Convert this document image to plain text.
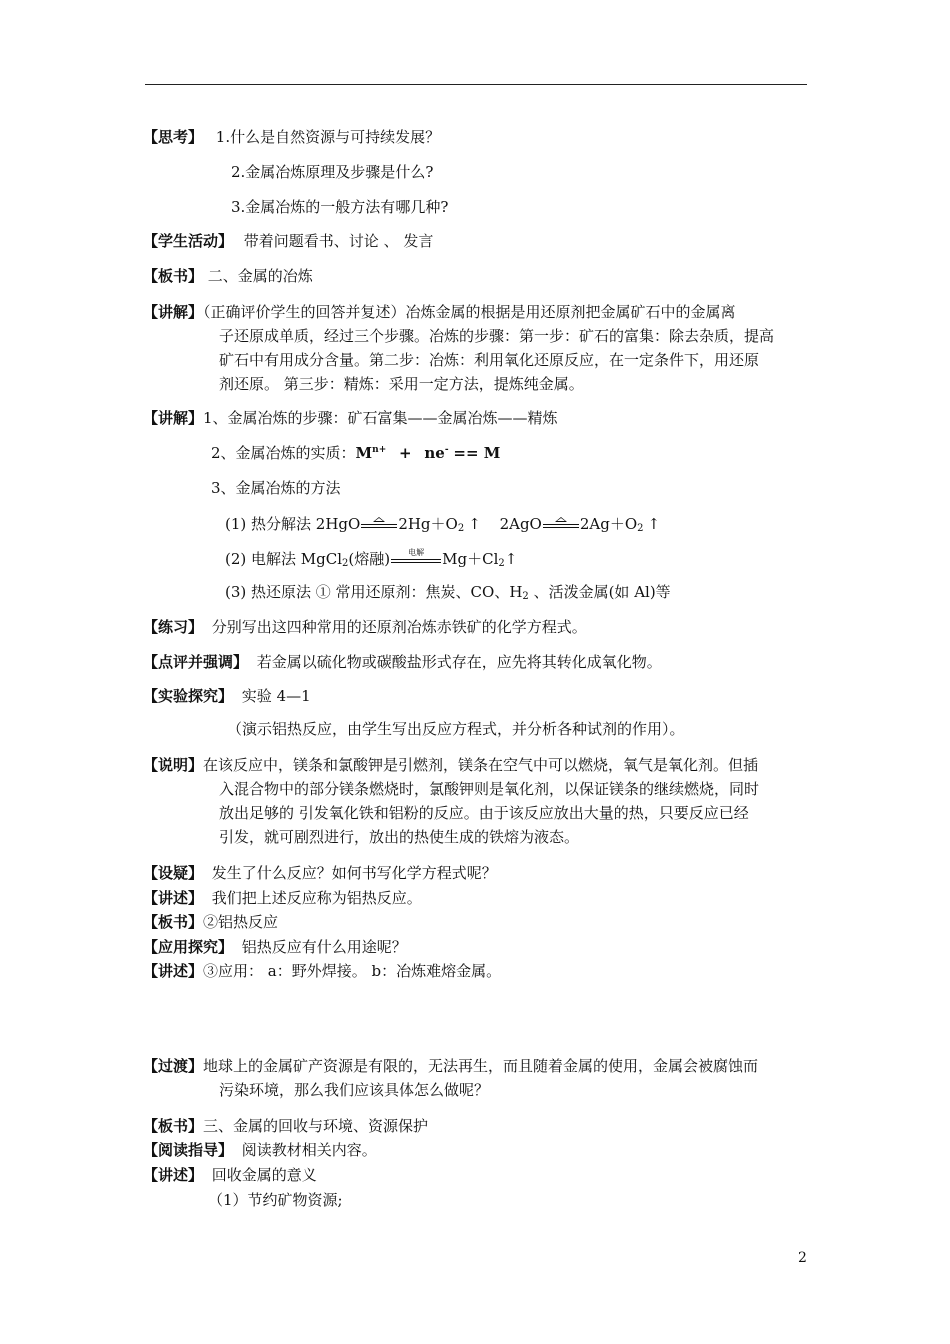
【思考】 1.什么是自然资源与可持续发展？
2.金属冶炼原理及步骤是什么?
3.金属冶炼的一般方法有哪几种?
【学生活动】 带着问题看书、讨论 、 发言
【板书】 二、金属的冶炼
【讲解】（正确评价学生的回答并复述）冶炼金属的根据是用还原剂把金属矿石中的金属离
子还原成单质，经过三个步骤。冶炼的步骤：第一步：矿石的富集：除去杂质，提高
矿石中有用成分含量。第二步：冶炼：利用氧化还原反应，在一定条件下，用还原
剂还原。 第三步：精炼：采用一定方法，提炼纯金属。
【讲解】1、金属冶炼的步骤：矿石富集——金属冶炼——精炼
2、金属冶炼的实质：$M^{n+} + ne^- == M$
3、金属冶炼的方法
(1) 热分解法 2HgO	$2Hg+O_2$ ↑ 2AgO	$2Ag+O_2$ ↑
(2) 电解法 MgCl$_2$(熔融)	电解	$Mg+Cl_2↑$
(3) 热还原法 ① 常用还原剂：焦炭、CO、$H_2$ 、活泼金属(如 Al)等
【练习】 分别写出这四种常用的还原剂冶炼赤铁矿的化学方程式。
【点评并强调】 若金属以硫化物或碳酸盐形式存在，应先将其转化成氧化物。
【实验探究】 实验 4—1
（演示铝热反应，由学生写出反应方程式，并分析各种试剂的作用）。
【说明】在该反应中，镁条和氯酸钾是引燃剂，镁条在空气中可以燃烧，氧气是氧化剂。但插
入混合物中的部分镁条燃烧时，氯酸钾则是氧化剂，以保证镁条的继续燃烧，同时
放出足够的 引发氧化铁和铝粉的反应。由于该反应放出大量的热，只要反应已经
引发，就可剧烈进行，放出的热使生成的铁熔为液态。
【设疑】 发生了什么反应？如何书写化学方程式呢？
【讲述】 我们把上述反应称为铝热反应。
【板书】②铝热反应
【应用探究】 铝热反应有什么用途呢？
【讲述】③应用： a：野外焊接。 b：冶炼难熔金属。
【过渡】地球上的金属矿产资源是有限的，无法再生，而且随着金属的使用，金属会被腐蚀而
污染环境，那么我们应该具体怎么做呢？
【板书】三、金属的回收与环境、资源保护
【阅读指导】 阅读教材相关内容。
【讲述】 回收金属的意义
（1）节约矿物资源;
2
